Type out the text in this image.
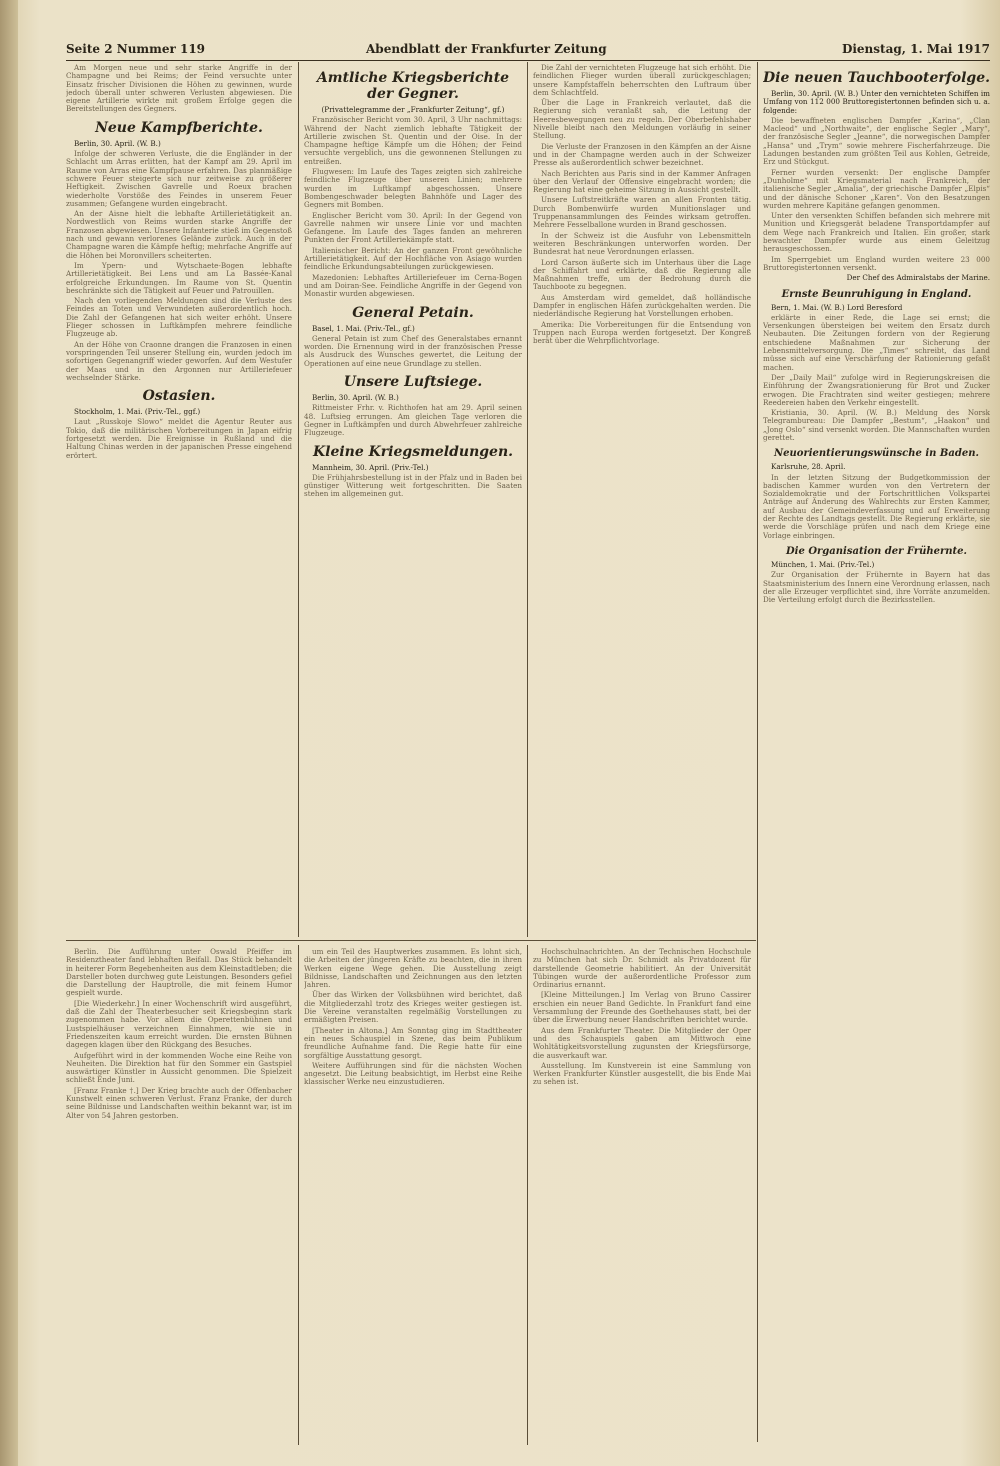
Seite 2 Nummer 119	Abendblatt der Frankfurter Zeitung	Dienstag, 1. Mai 1917

Am Morgen neue und sehr starke Angriffe in der Champagne und bei Reims; der Feind versuchte unter Einsatz frischer Divisionen die Höhen zu gewinnen, wurde jedoch überall unter schweren Verlusten abgewiesen. Die eigene Artillerie wirkte mit großem Erfolge gegen die Bereitstellungen des Gegners.

Neue Kampfberichte.

Berlin, 30. April. (W. B.)

Infolge der schweren Verluste, die die Engländer in der Schlacht um Arras erlitten, hat der Kampf am 29. April im Raume von Arras eine Kampfpause erfahren. Das planmäßige schwere Feuer steigerte sich nur zeitweise zu größerer Heftigkeit. Zwischen Gavrelle und Roeux brachen wiederholte Vorstöße des Feindes in unserem Feuer zusammen; Gefangene wurden eingebracht.

An der Aisne hielt die lebhafte Artillerietätigkeit an. Nordwestlich von Reims wurden starke Angriffe der Franzosen abgewiesen. Unsere Infanterie stieß im Gegenstoß nach und gewann verlorenes Gelände zurück. Auch in der Champagne waren die Kämpfe heftig; mehrfache Angriffe auf die Höhen bei Moronvillers scheiterten.

Im Ypern- und Wytschaete-Bogen lebhafte Artillerietätigkeit. Bei Lens und am La Bassée-Kanal erfolgreiche Erkundungen. Im Raume von St. Quentin beschränkte sich die Tätigkeit auf Feuer und Patrouillen.

Nach den vorliegenden Meldungen sind die Verluste des Feindes an Toten und Verwundeten außerordentlich hoch. Die Zahl der Gefangenen hat sich weiter erhöht. Unsere Flieger schossen in Luftkämpfen mehrere feindliche Flugzeuge ab.

An der Höhe von Craonne drangen die Franzosen in einen vorspringenden Teil unserer Stellung ein, wurden jedoch im sofortigen Gegenangriff wieder geworfen. Auf dem Westufer der Maas und in den Argonnen nur Artilleriefeuer wechselnder Stärke.

Ostasien.

Stockholm, 1. Mai. (Priv.-Tel., ggf.)

Laut „Russkoje Slowo“ meldet die Agentur Reuter aus Tokio, daß die militärischen Vorbereitungen in Japan eifrig fortgesetzt werden. Die Ereignisse in Rußland und die Haltung Chinas werden in der japanischen Presse eingehend erörtert.

Amtliche Kriegsberichte der Gegner.

(Privattelegramme der „Frankfurter Zeitung“, gf.)

Französischer Bericht vom 30. April, 3 Uhr nachmittags: Während der Nacht ziemlich lebhafte Tätigkeit der Artillerie zwischen St. Quentin und der Oise. In der Champagne heftige Kämpfe um die Höhen; der Feind versuchte vergeblich, uns die gewonnenen Stellungen zu entreißen.

Flugwesen: Im Laufe des Tages zeigten sich zahlreiche feindliche Flugzeuge über unseren Linien; mehrere wurden im Luftkampf abgeschossen. Unsere Bombengeschwader belegten Bahnhöfe und Lager des Gegners mit Bomben.

Englischer Bericht vom 30. April: In der Gegend von Gavrelle nahmen wir unsere Linie vor und machten Gefangene. Im Laufe des Tages fanden an mehreren Punkten der Front Artilleriekämpfe statt.

Italienischer Bericht: An der ganzen Front gewöhnliche Artillerietätigkeit. Auf der Hochfläche von Asiago wurden feindliche Erkundungsabteilungen zurückgewiesen.

Mazedonien: Lebhaftes Artilleriefeuer im Cerna-Bogen und am Doiran-See. Feindliche Angriffe in der Gegend von Monastir wurden abgewiesen.

General Petain.

Basel, 1. Mai. (Priv.-Tel., gf.)

General Petain ist zum Chef des Generalstabes ernannt worden. Die Ernennung wird in der französischen Presse als Ausdruck des Wunsches gewertet, die Leitung der Operationen auf eine neue Grundlage zu stellen.

Unsere Luftsiege.

Berlin, 30. April. (W. B.)

Rittmeister Frhr. v. Richthofen hat am 29. April seinen 48. Luftsieg errungen. Am gleichen Tage verloren die Gegner in Luftkämpfen und durch Abwehrfeuer zahlreiche Flugzeuge.

Kleine Kriegsmeldungen.

Mannheim, 30. April. (Priv.-Tel.)

Die Frühjahrsbestellung ist in der Pfalz und in Baden bei günstiger Witterung weit fortgeschritten. Die Saaten stehen im allgemeinen gut.

Die Zahl der vernichteten Flugzeuge hat sich erhöht. Die feindlichen Flieger wurden überall zurückgeschlagen; unsere Kampfstaffeln beherrschten den Luftraum über dem Schlachtfeld.

Über die Lage in Frankreich verlautet, daß die Regierung sich veranlaßt sah, die Leitung der Heeresbewegungen neu zu regeln. Der Oberbefehlshaber Nivelle bleibt nach den Meldungen vorläufig in seiner Stellung.

Die Verluste der Franzosen in den Kämpfen an der Aisne und in der Champagne werden auch in der Schweizer Presse als außerordentlich schwer bezeichnet.

Nach Berichten aus Paris sind in der Kammer Anfragen über den Verlauf der Offensive eingebracht worden; die Regierung hat eine geheime Sitzung in Aussicht gestellt.

Unsere Luftstreitkräfte waren an allen Fronten tätig. Durch Bombenwürfe wurden Munitionslager und Truppenansammlungen des Feindes wirksam getroffen. Mehrere Fesselballone wurden in Brand geschossen.

In der Schweiz ist die Ausfuhr von Lebensmitteln weiteren Beschränkungen unterworfen worden. Der Bundesrat hat neue Verordnungen erlassen.

Lord Carson äußerte sich im Unterhaus über die Lage der Schiffahrt und erklärte, daß die Regierung alle Maßnahmen treffe, um der Bedrohung durch die Tauchboote zu begegnen.

Aus Amsterdam wird gemeldet, daß holländische Dampfer in englischen Häfen zurückgehalten werden. Die niederländische Regierung hat Vorstellungen erhoben.

Amerika: Die Vorbereitungen für die Entsendung von Truppen nach Europa werden fortgesetzt. Der Kongreß berät über die Wehrpflichtvorlage.

Die neuen Tauchbooterfolge.

Berlin, 30. April. (W. B.) Unter den vernichteten Schiffen im Umfang von 112 000 Bruttoregistertonnen befinden sich u. a. folgende:

Die bewaffneten englischen Dampfer „Karina“, „Clan Macleod“ und „Northwaite“, der englische Segler „Mary“, der französische Segler „Jeanne“, die norwegischen Dampfer „Hansa“ und „Trym“ sowie mehrere Fischerfahrzeuge. Die Ladungen bestanden zum größten Teil aus Kohlen, Getreide, Erz und Stückgut.

Ferner wurden versenkt: Der englische Dampfer „Dunholme“ mit Kriegsmaterial nach Frankreich, der italienische Segler „Amalia“, der griechische Dampfer „Elpis“ und der dänische Schoner „Karen“. Von den Besatzungen wurden mehrere Kapitäne gefangen genommen.

Unter den versenkten Schiffen befanden sich mehrere mit Munition und Kriegsgerät beladene Transportdampfer auf dem Wege nach Frankreich und Italien. Ein großer, stark bewachter Dampfer wurde aus einem Geleitzug herausgeschossen.

Im Sperrgebiet um England wurden weitere 23 000 Bruttoregistertonnen versenkt.

Der Chef des Admiralstabs der Marine.

Ernste Beunruhigung in England.

Bern, 1. Mai. (W. B.) Lord Beresford

erklärte in einer Rede, die Lage sei ernst; die Versenkungen übersteigen bei weitem den Ersatz durch Neubauten. Die Zeitungen fordern von der Regierung entschiedene Maßnahmen zur Sicherung der Lebensmittelversorgung. Die „Times“ schreibt, das Land müsse sich auf eine Verschärfung der Rationierung gefaßt machen.

Der „Daily Mail“ zufolge wird in Regierungskreisen die Einführung der Zwangsrationierung für Brot und Zucker erwogen. Die Frachtraten sind weiter gestiegen; mehrere Reedereien haben den Verkehr eingestellt.

Kristiania, 30. April. (W. B.) Meldung des Norsk Telegrambureau: Die Dampfer „Bestum“, „Haakon“ und „Jong Oslo“ sind versenkt worden. Die Mannschaften wurden gerettet.

Neuorientierungswünsche in Baden.

Karlsruhe, 28. April.

In der letzten Sitzung der Budgetkommission der badischen Kammer wurden von den Vertretern der Sozialdemokratie und der Fortschrittlichen Volkspartei Anträge auf Änderung des Wahlrechts zur Ersten Kammer, auf Ausbau der Gemeindeverfassung und auf Erweiterung der Rechte des Landtags gestellt. Die Regierung erklärte, sie werde die Vorschläge prüfen und nach dem Kriege eine Vorlage einbringen.

Die Organisation der Frühernte.

München, 1. Mai. (Priv.-Tel.)

Zur Organisation der Frühernte in Bayern hat das Staatsministerium des Innern eine Verordnung erlassen, nach der alle Erzeuger verpflichtet sind, ihre Vorräte anzumelden. Die Verteilung erfolgt durch die Bezirksstellen.

Berlin. Die Aufführung unter Oswald Pfeiffer im Residenztheater fand lebhaften Beifall. Das Stück behandelt in heiterer Form Begebenheiten aus dem Kleinstadtleben; die Darsteller boten durchweg gute Leistungen. Besonders gefiel die Darstellung der Hauptrolle, die mit feinem Humor gespielt wurde.

[Die Wiederkehr.] In einer Wochenschrift wird ausgeführt, daß die Zahl der Theaterbesucher seit Kriegsbeginn stark zugenommen habe. Vor allem die Operettenbühnen und Lustspielhäuser verzeichnen Einnahmen, wie sie in Friedenszeiten kaum erreicht wurden. Die ernsten Bühnen dagegen klagen über den Rückgang des Besuches.

Aufgeführt wird in der kommenden Woche eine Reihe von Neuheiten. Die Direktion hat für den Sommer ein Gastspiel auswärtiger Künstler in Aussicht genommen. Die Spielzeit schließt Ende Juni.

[Franz Franke †.] Der Krieg brachte auch der Offenbacher Kunstwelt einen schweren Verlust. Franz Franke, der durch seine Bildnisse und Landschaften weithin bekannt war, ist im Alter von 54 Jahren gestorben.

um ein Teil des Hauptwerkes zusammen. Es lohnt sich, die Arbeiten der jüngeren Kräfte zu beachten, die in ihren Werken eigene Wege gehen. Die Ausstellung zeigt Bildnisse, Landschaften und Zeichnungen aus den letzten Jahren.

Über das Wirken der Volksbühnen wird berichtet, daß die Mitgliederzahl trotz des Krieges weiter gestiegen ist. Die Vereine veranstalten regelmäßig Vorstellungen zu ermäßigten Preisen.

[Theater in Altona.] Am Sonntag ging im Stadttheater ein neues Schauspiel in Szene, das beim Publikum freundliche Aufnahme fand. Die Regie hatte für eine sorgfältige Ausstattung gesorgt.

Weitere Aufführungen sind für die nächsten Wochen angesetzt. Die Leitung beabsichtigt, im Herbst eine Reihe klassischer Werke neu einzustudieren.

Hochschulnachrichten. An der Technischen Hochschule zu München hat sich Dr. Schmidt als Privatdozent für darstellende Geometrie habilitiert. An der Universität Tübingen wurde der außerordentliche Professor zum Ordinarius ernannt.

[Kleine Mitteilungen.] Im Verlag von Bruno Cassirer erschien ein neuer Band Gedichte. In Frankfurt fand eine Versammlung der Freunde des Goethehauses statt, bei der über die Erwerbung neuer Handschriften berichtet wurde.

Aus dem Frankfurter Theater. Die Mitglieder der Oper und des Schauspiels gaben am Mittwoch eine Wohltätigkeitsvorstellung zugunsten der Kriegsfürsorge, die ausverkauft war.

Ausstellung. Im Kunstverein ist eine Sammlung von Werken Frankfurter Künstler ausgestellt, die bis Ende Mai zu sehen ist.
